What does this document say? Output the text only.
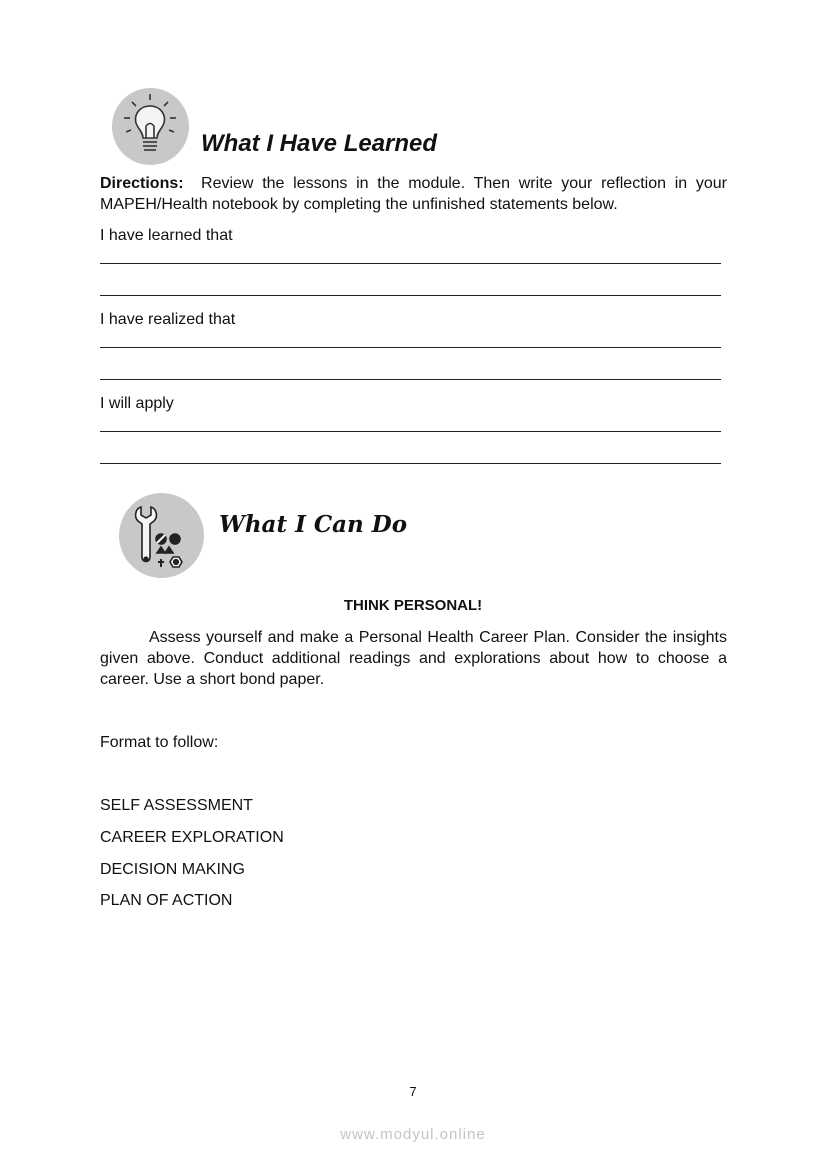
What I Have Learned
Directions: Review the lessons in the module. Then write your reflection in your MAPEH/Health notebook by completing the unfinished statements below.
I have learned that
I have realized that
I will apply
What I Can Do
THINK PERSONAL!
Assess yourself and make a Personal Health Career Plan. Consider the insights given above. Conduct additional readings and explorations about how to choose a career. Use a short bond paper.
Format to follow:
SELF ASSESSMENT
CAREER EXPLORATION
DECISION MAKING
PLAN OF ACTION
7
www.modyul.online
